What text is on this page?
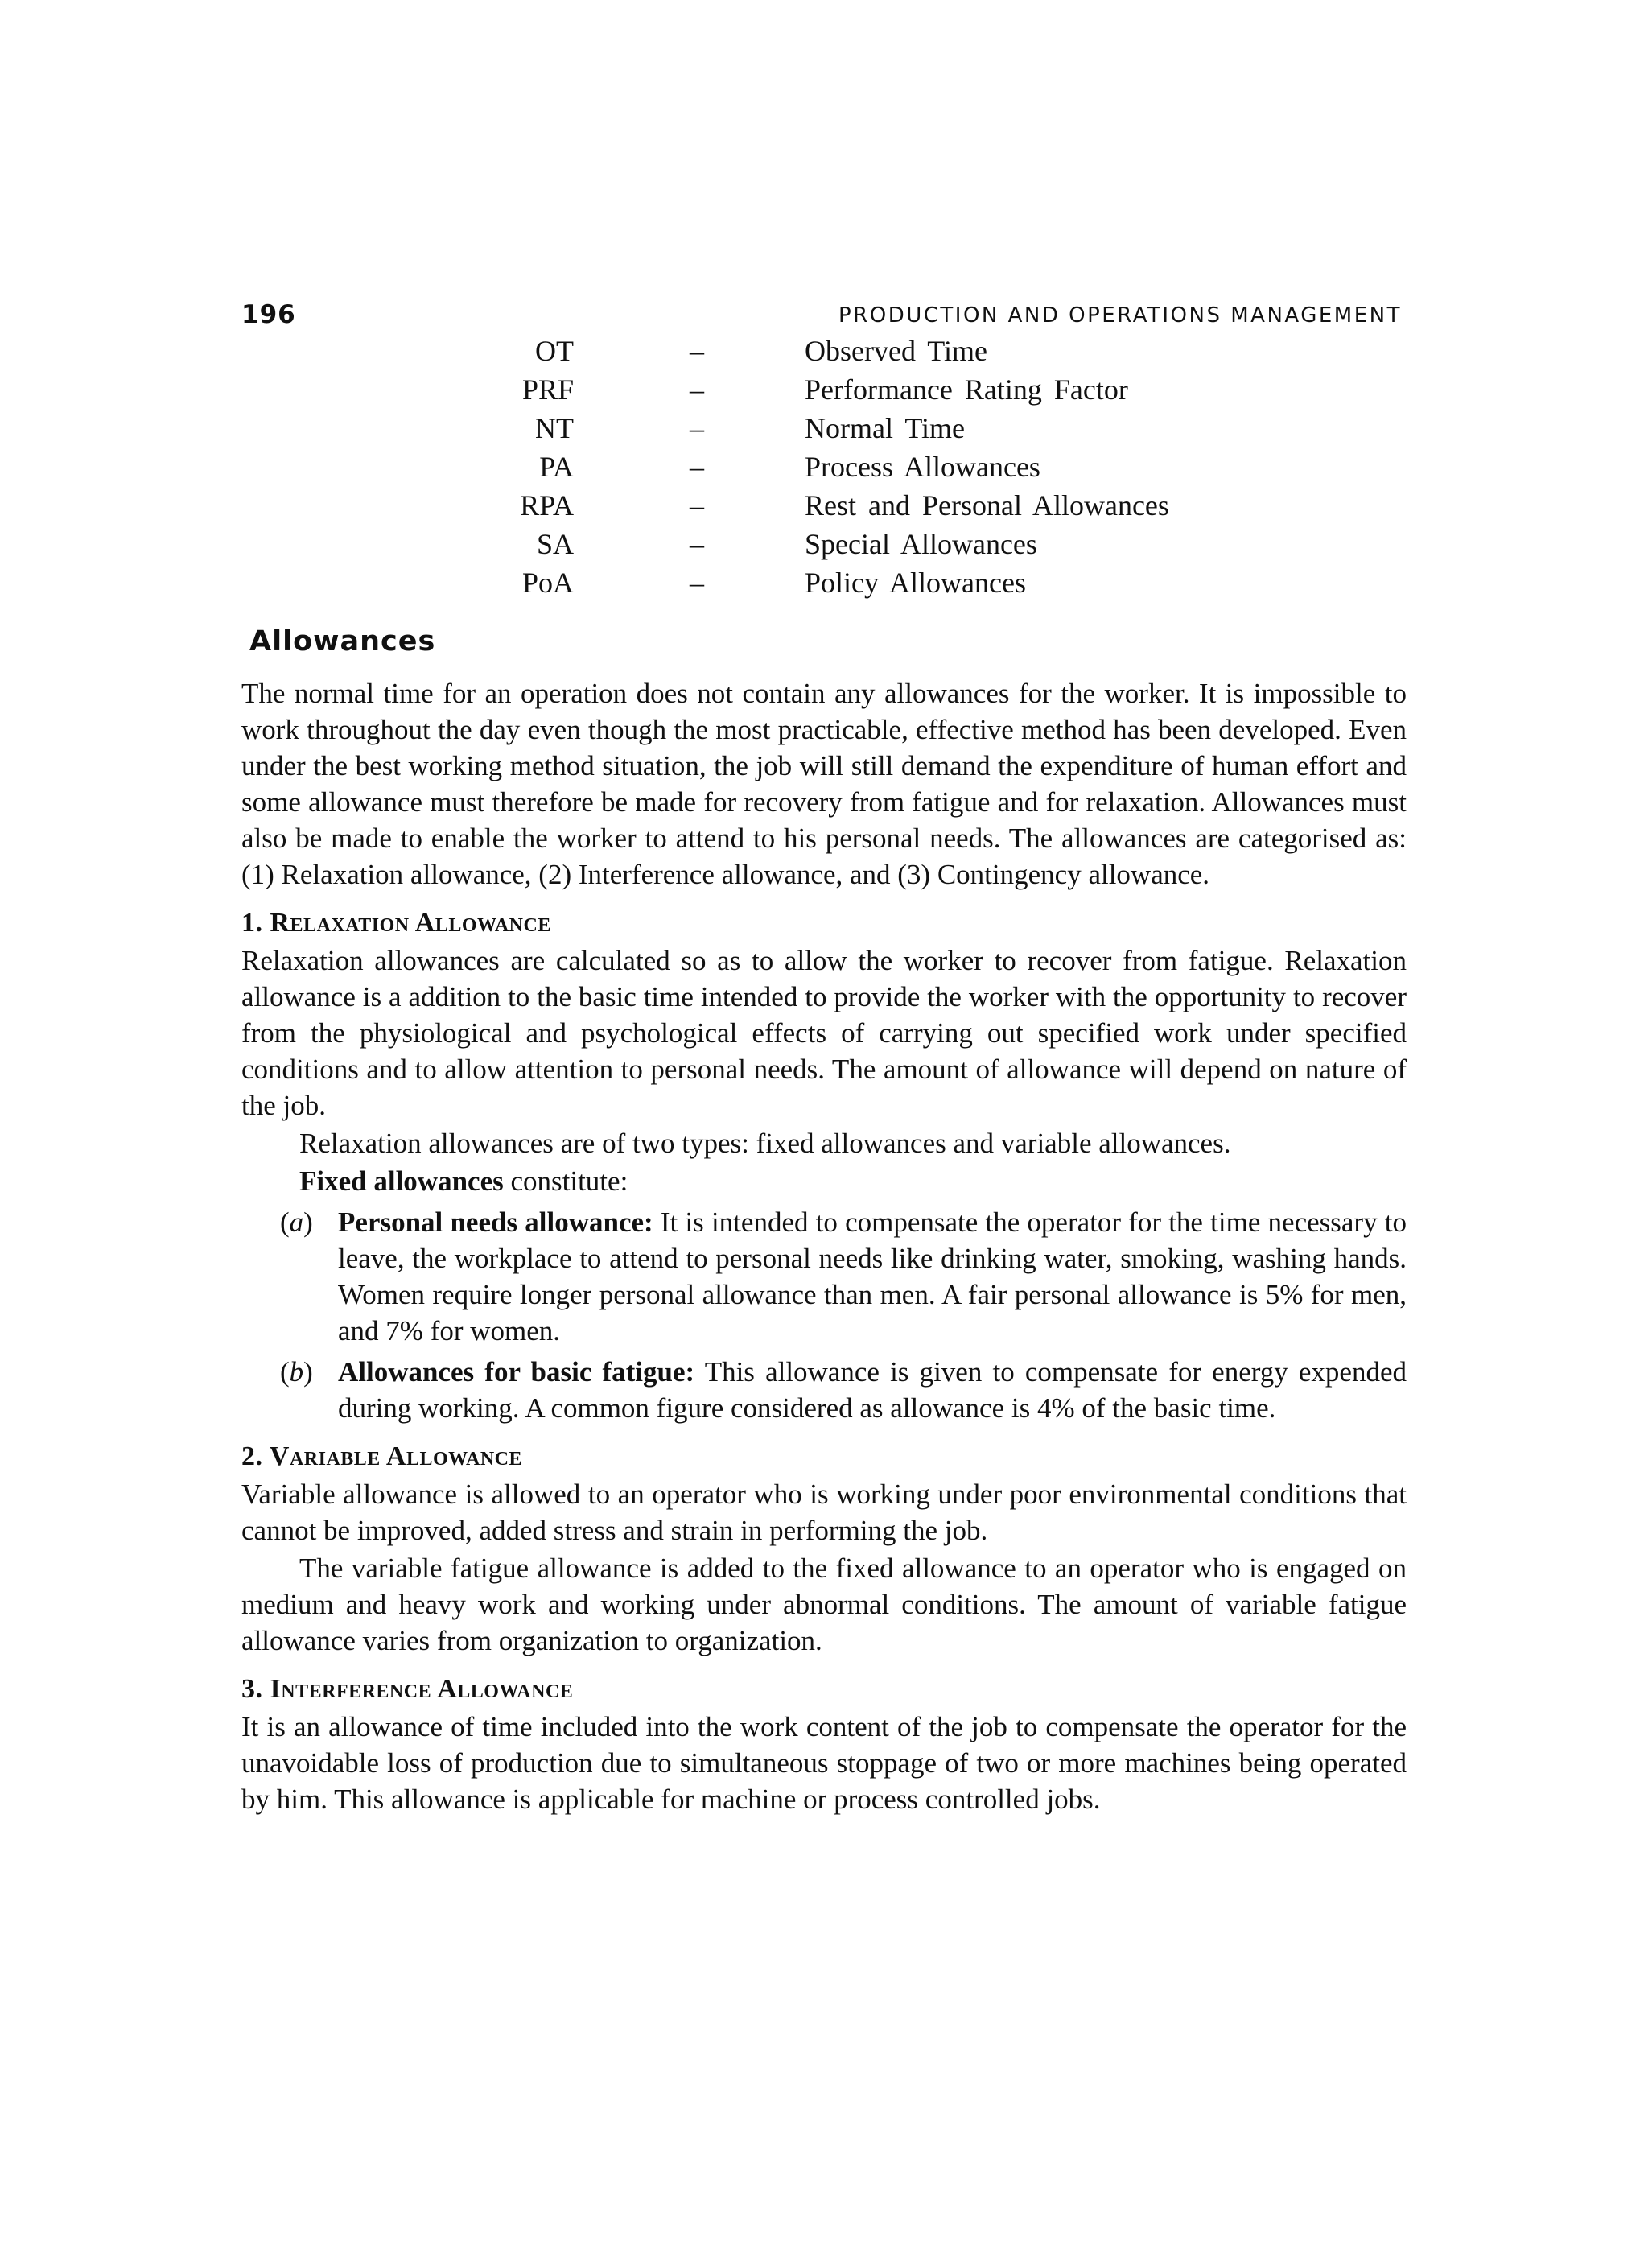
196	PRODUCTION AND OPERATIONS MANAGEMENT
OT	–	Observed Time
PRF	–	Performance Rating Factor
NT	–	Normal Time
PA	–	Process Allowances
RPA	–	Rest and Personal Allowances
SA	–	Special Allowances
PoA	–	Policy Allowances
Allowances

The normal time for an operation does not contain any allowances for the worker. It is impossible to work throughout the day even though the most practicable, effective method has been developed. Even under the best working method situation, the job will still demand the expenditure of human effort and some allowance must therefore be made for recovery from fatigue and for relaxation. Allowances must also be made to enable the worker to attend to his personal needs. The allowances are categorised as: (1) Relaxation allowance, (2) Interference allowance, and (3) Contingency allowance.

1. Relaxation Allowance

Relaxation allowances are calculated so as to allow the worker to recover from fatigue. Relaxation allowance is a addition to the basic time intended to provide the worker with the opportunity to recover from the physiological and psychological effects of carrying out specified work under specified conditions and to allow attention to personal needs. The amount of allowance will depend on nature of the job.

Relaxation allowances are of two types: fixed allowances and variable allowances.

Fixed allowances constitute:

(a) Personal needs allowance: It is intended to compensate the operator for the time necessary to leave, the workplace to attend to personal needs like drinking water, smoking, washing hands. Women require longer personal allowance than men. A fair personal allowance is 5% for men, and 7% for women.
(b) Allowances for basic fatigue: This allowance is given to compensate for energy expended during working. A common figure considered as allowance is 4% of the basic time.
2. Variable Allowance

Variable allowance is allowed to an operator who is working under poor environmental conditions that cannot be improved, added stress and strain in performing the job.

The variable fatigue allowance is added to the fixed allowance to an operator who is engaged on medium and heavy work and working under abnormal conditions. The amount of variable fatigue allowance varies from organization to organization.

3. Interference Allowance

It is an allowance of time included into the work content of the job to compensate the operator for the unavoidable loss of production due to simultaneous stoppage of two or more machines being operated by him. This allowance is applicable for machine or process controlled jobs.
